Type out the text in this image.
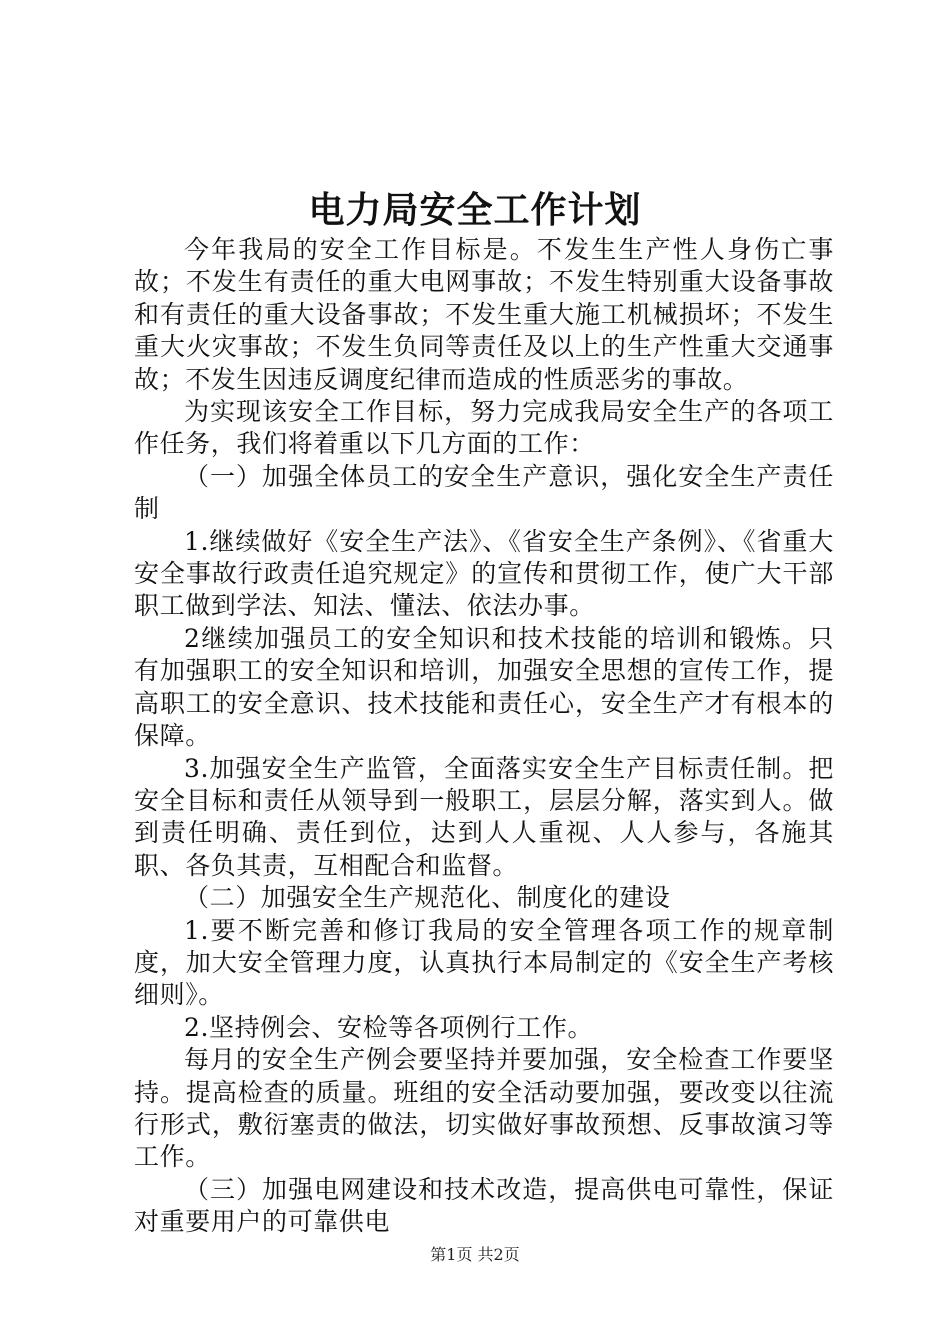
电力局安全工作计划

今年我局的安全工作目标是。不发生生产性人身伤亡事故；不发生有责任的重大电网事故；不发生特别重大设备事故和有责任的重大设备事故；不发生重大施工机械损坏；不发生重大火灾事故；不发生负同等责任及以上的生产性重大交通事故；不发生因违反调度纪律而造成的性质恶劣的事故。

为实现该安全工作目标，努力完成我局安全生产的各项工作任务，我们将着重以下几方面的工作：

（一）加强全体员工的安全生产意识，强化安全生产责任制

1.继续做好《安全生产法》、《省安全生产条例》、《省重大安全事故行政责任追究规定》的宣传和贯彻工作，使广大干部职工做到学法、知法、懂法、依法办事。

2继续加强员工的安全知识和技术技能的培训和锻炼。只有加强职工的安全知识和培训，加强安全思想的宣传工作，提高职工的安全意识、技术技能和责任心，安全生产才有根本的保障。

3.加强安全生产监管，全面落实安全生产目标责任制。把安全目标和责任从领导到一般职工，层层分解，落实到人。做到责任明确、责任到位，达到人人重视、人人参与，各施其职、各负其责，互相配合和监督。

（二）加强安全生产规范化、制度化的建设

1.要不断完善和修订我局的安全管理各项工作的规章制度，加大安全管理力度，认真执行本局制定的《安全生产考核细则》。

2.坚持例会、安检等各项例行工作。

每月的安全生产例会要坚持并要加强，安全检查工作要坚持。提高检查的质量。班组的安全活动要加强，要改变以往流行形式，敷衍塞责的做法，切实做好事故预想、反事故演习等工作。

（三）加强电网建设和技术改造，提高供电可靠性，保证对重要用户的可靠供电

第1页 共2页
